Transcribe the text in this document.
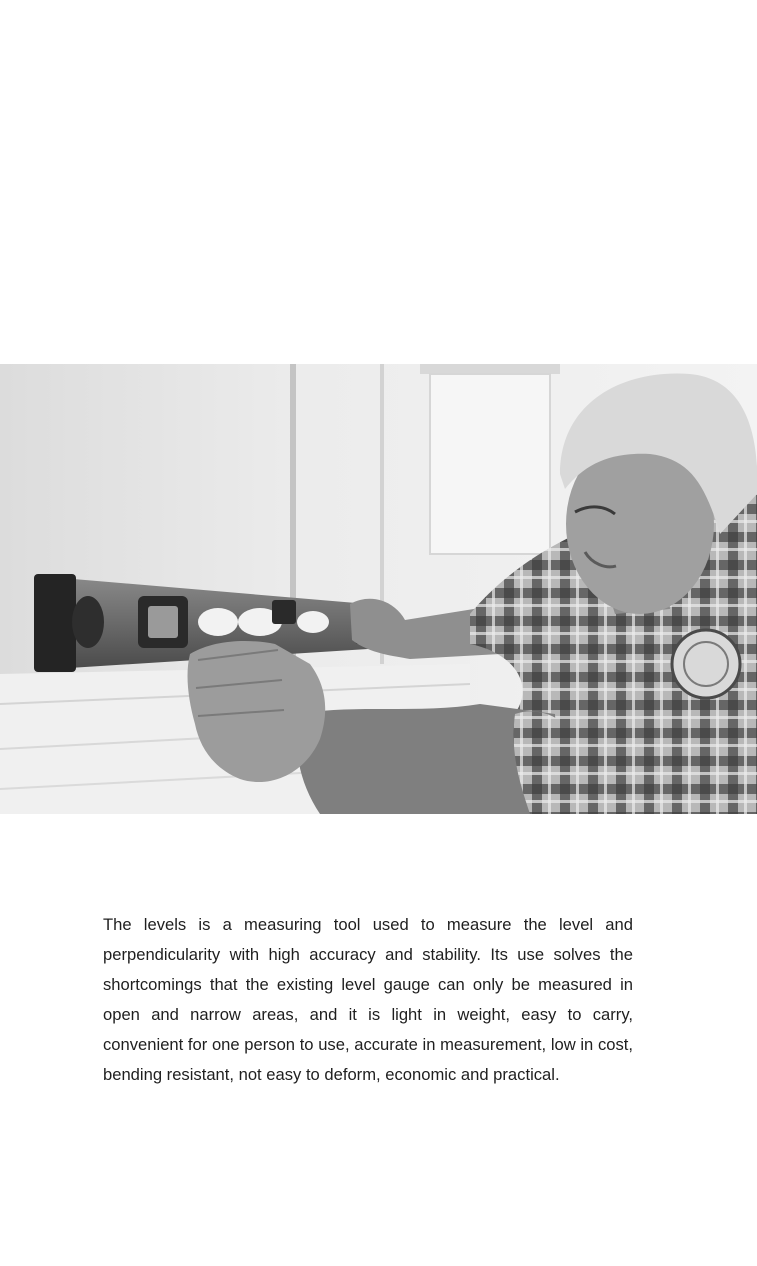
The levels is a measuring tool used to measure the level and perpendicularity with high accuracy and stability. Its use solves the shortcomings that the existing level gauge can only be measured in open and narrow areas, and it is light in weight, easy to carry, convenient for one person to use, accurate in measurement, low in cost, bending resistant, not easy to deform, economic and practical.
